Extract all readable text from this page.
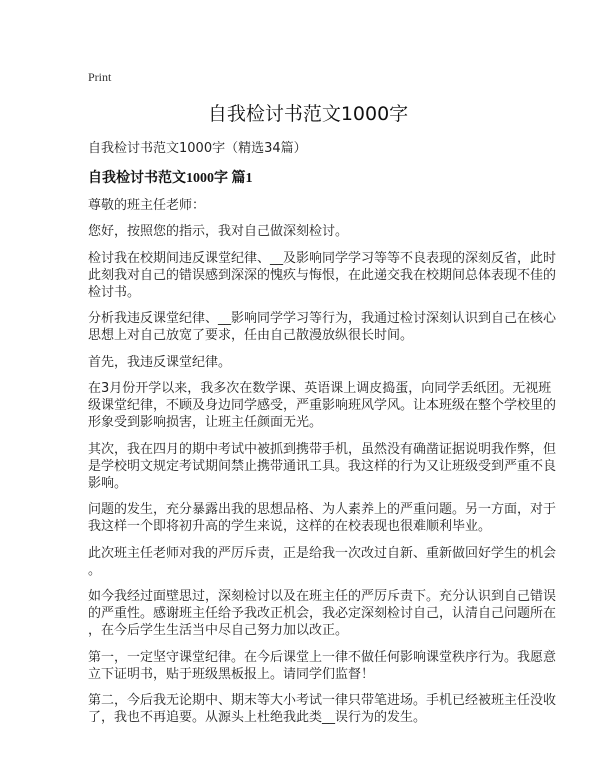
Print
自我检讨书范文1000字
自我检讨书范文1000字（精选34篇）
自我检讨书范文1000字 篇1
尊敬的班主任老师：
您好，按照您的指示，我对自己做深刻检讨。
检讨我在校期间违反课堂纪律、__及影响同学学习等等不良表现的深刻反省，此时
此刻我对自己的错误感到深深的愧疚与悔恨，在此递交我在校期间总体表现不佳的
检讨书。
分析我违反课堂纪律、__影响同学学习等行为，我通过检讨深刻认识到自己在核心
思想上对自己放宽了要求，任由自己散漫放纵很长时间。
首先，我违反课堂纪律。
在3月份开学以来，我多次在数学课、英语课上调皮捣蛋，向同学丢纸团。无视班
级课堂纪律，不顾及身边同学感受，严重影响班风学风。让本班级在整个学校里的
形象受到影响损害，让班主任颜面无光。
其次，我在四月的期中考试中被抓到携带手机，虽然没有确凿证据说明我作弊，但
是学校明文规定考试期间禁止携带通讯工具。我这样的行为又让班级受到严重不良
影响。
问题的发生，充分暴露出我的思想品格、为人素养上的严重问题。另一方面，对于
我这样一个即将初升高的学生来说，这样的在校表现也很难顺利毕业。
此次班主任老师对我的严厉斥责，正是给我一次改过自新、重新做回好学生的机会
。
如今我经过面壁思过，深刻检讨以及在班主任的严厉斥责下。充分认识到自己错误
的严重性。感谢班主任给予我改正机会，我必定深刻检讨自己，认清自己问题所在
，在今后学生生活当中尽自己努力加以改正。
第一，一定坚守课堂纪律。在今后课堂上一律不做任何影响课堂秩序行为。我愿意
立下证明书，贴于班级黑板报上。请同学们监督！
第二，今后我无论期中、期末等大小考试一律只带笔进场。手机已经被班主任没收
了，我也不再追要。从源头上杜绝我此类__误行为的发生。
